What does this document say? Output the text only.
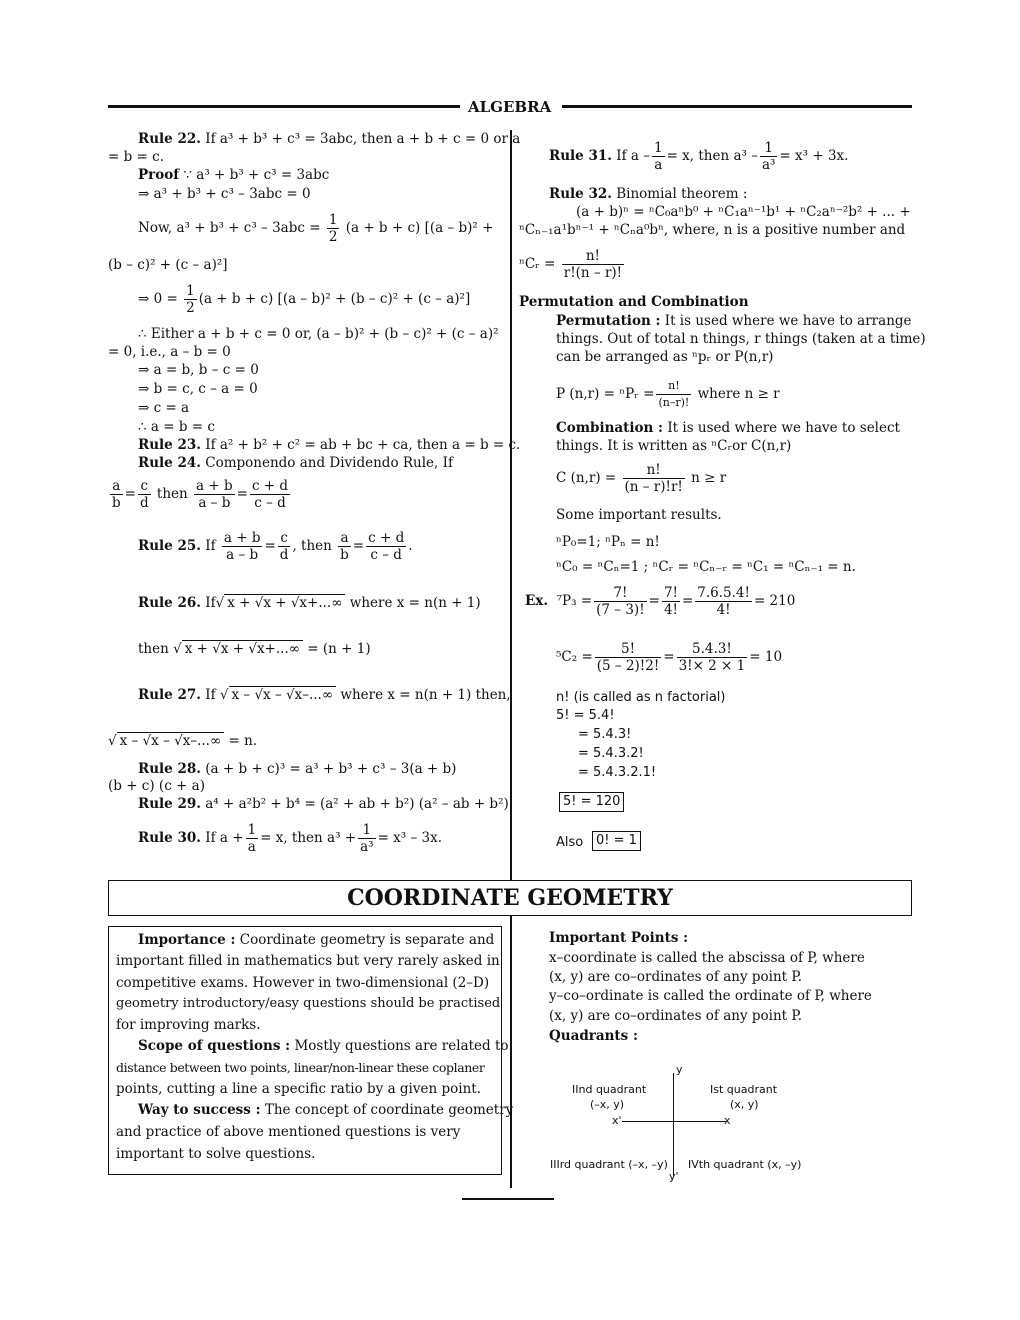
ALGEBRA
Rule 22. If a³ + b³ + c³ = 3abc, then a + b + c = 0 or a
= b = c.
Proof ∵ a³ + b³ + c³ = 3abc
⇒ a³ + b³ + c³ – 3abc = 0
Now, $a^3 + b^3 + c^3 - 3abc = \frac{1}{2} (a + b + c)$ [(a – b)² +
(b – c)² + (c – a)²]
⇒ $0 = \frac{1}{2} (a + b + c)$ [(a – b)² + (b – c)² + (c – a)²]
∴ Either a + b + c = 0 or, (a – b)² + (b – c)² + (c – a)²
= 0, i.e., a – b = 0
⇒ a = b, b – c = 0
⇒ b = c, c – a = 0
⇒ c = a
∴ a = b = c
Rule 23. If a² + b² + c² = ab + bc + ca, then a = b = c.
Rule 24. Componendo and Dividendo Rule, If
$\frac{a}{b} = \frac{c}{d}$ then $\frac{a + b}{a - b} = \frac{c + d}{c - d}$
Rule 25. If $\frac{a + b}{a - b} = \frac{c}{d}$ , then $\frac{a}{b} = \frac{c + d}{c - d}$ .
Rule 26. If√ x + √x + √x+...∞ where x = n(n + 1)
then √ x + √x + √x+...∞ = (n + 1)
Rule 27. If √ x – √x – √x–...∞ where x = n(n + 1) then,
√ x – √x – √x–...∞ = n.
Rule 28. (a + b + c)³ = a³ + b³ + c³ – 3(a + b)
(b + c) (c + a)
Rule 29. a⁴ + a²b² + b⁴ = (a² + ab + b²) (a² – ab + b²)
Rule 30. If $a + \frac{1}{a} = x$, then $a^3 + \frac{1}{\text{a³}} = x^3 - 3x$.
Rule 31. If $a - \frac{1}{a} = x$, then $a^3 - \frac{1}{\text{a³}} = x^3 + 3x$.
Rule 32. Binomial theorem :
(a + b)ⁿ = ⁿC₀aⁿb⁰ + ⁿC₁aⁿ⁻¹b¹ + ⁿC₂aⁿ⁻²b² + ... +
ⁿCₙ₋₁a¹bⁿ⁻¹ + ⁿCₙa⁰bⁿ, where, n is a positive number and
ⁿCᵣ = $\frac{n!}{r!(n - r)!}$
Permutation and Combination
Permutation : It is used where we have to arrange
things. Out of total n things, r things (taken at a time)
can be arranged as ⁿpᵣ or P(n,r)
P (n,r) = ⁿPᵣ = $\frac{n!}{(n-r)!}$ where n ≥ r
Combination : It is used where we have to select
things. It is written as ⁿCᵣor C(n,r)
C $(n,r) = \frac{n!}{(n - r)!r!}$ n ≥ r
Some important results.
ⁿP₀=1; ⁿPₙ = n!
ⁿC₀ = ⁿCₙ=1 ; ⁿCᵣ = ⁿCₙ₋ᵣ = ⁿC₁ = ⁿCₙ₋₁ = n.
Ex. $^7P_3 = \frac{7!}{(7 - 3)!} = \frac{7!}{4!} = \frac{7.6.5.4!}{4!} = 210$
$^5C_2 = \frac{5!}{(5 - 2)!2!} = \frac{5.4.3!}{3!\times 2 \times 1} = 10$
n! (is called as n factorial)
5! = 5.4!
= 5.4.3!
= 5.4.3.2!
= 5.4.3.2.1!
5! = 120
Also 0! = 1
COORDINATE GEOMETRY
Importance : Coordinate geometry is separate and
important filled in mathematics but very rarely asked in
competitive exams. However in two-dimensional (2–D)
geometry introductory/easy questions should be practised
for improving marks.
Scope of questions : Mostly questions are related to
distance between two points, linear/non-linear these coplaner
points, cutting a line a specific ratio by a given point.
Way to success : The concept of coordinate geometry
and practice of above mentioned questions is very
important to solve questions.
Important Points :
x–coordinate is called the abscissa of P, where
(x, y) are co–ordinates of any point P.
y–co–ordinate is called the ordinate of P, where
(x, y) are co–ordinates of any point P.
Quadrants :
y
x
x'
y'
IInd quadrant
(–x, y)
Ist quadrant
(x, y)
IIIrd quadrant (–x, –y) IVth quadrant (x, –y)
